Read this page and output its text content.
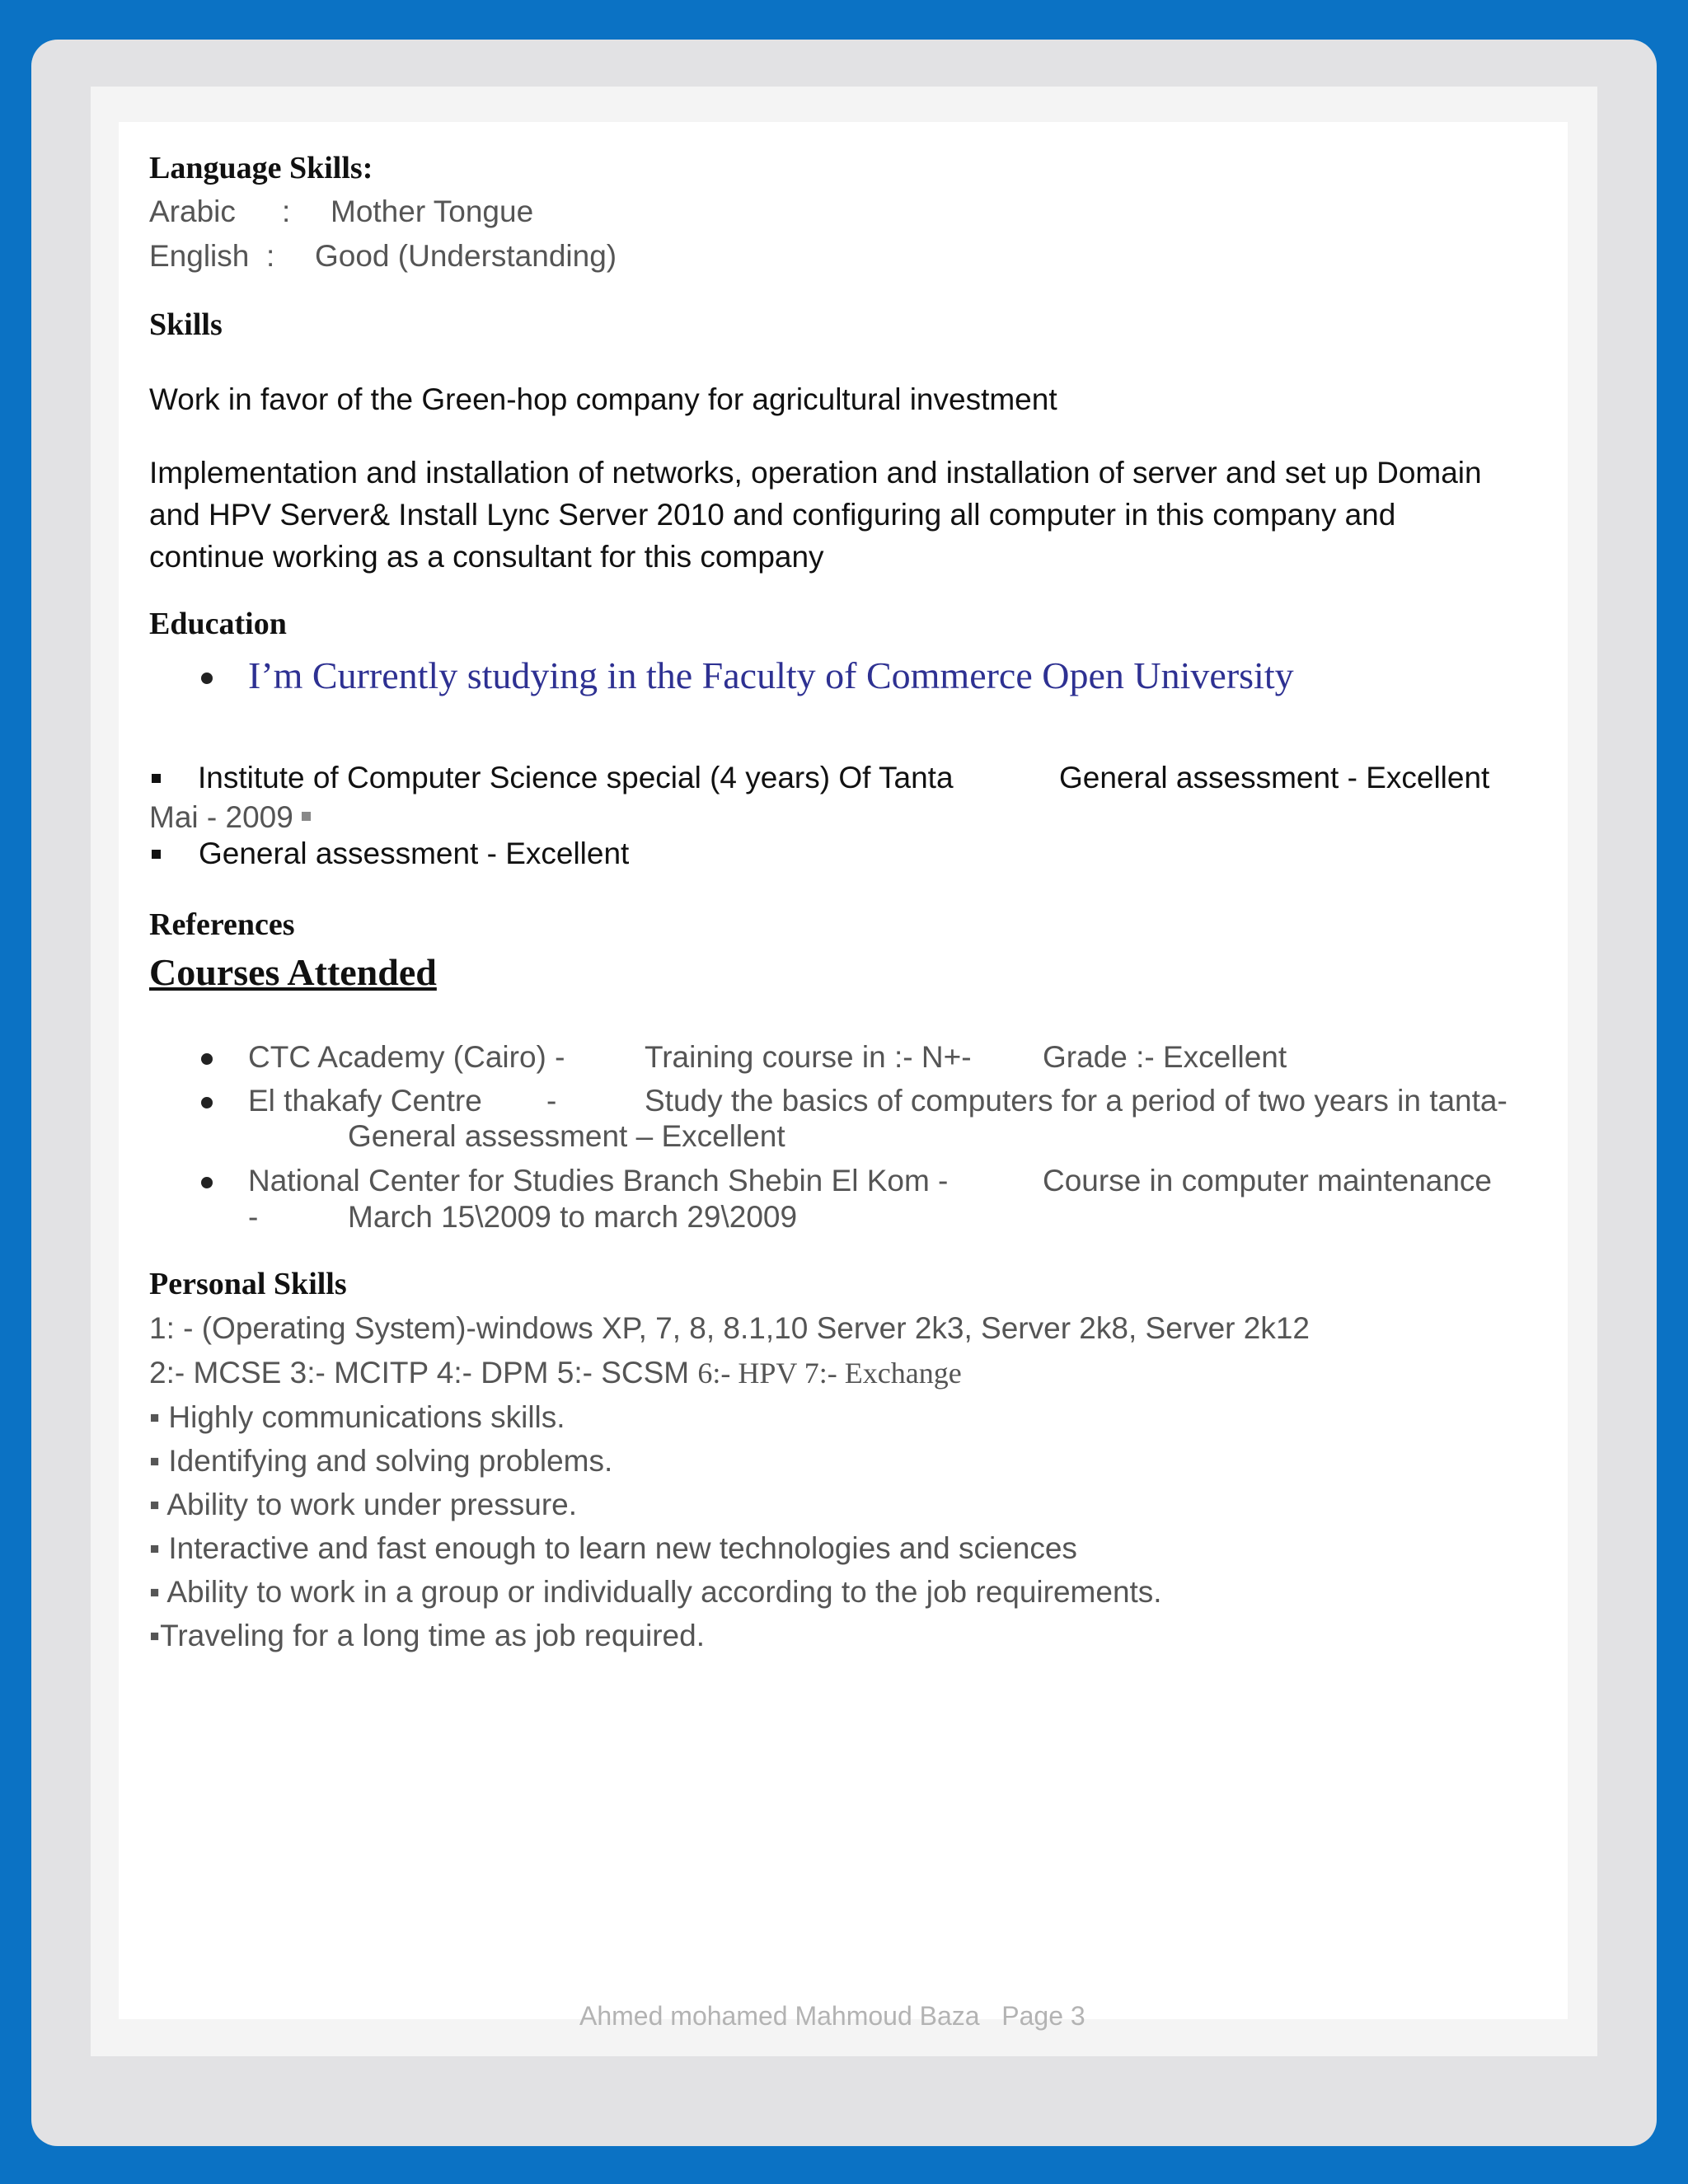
Language Skills:
Arabic : Mother Tongue
English : Good (Understanding)
Skills
Work in favor of the Green-hop company for agricultural investment
Implementation and installation of networks, operation and installation of server and set up Domain and HPV Server& Install Lync Server 2010 and configuring all computer in this company and continue working as a consultant for this company
Education
I’m Currently studying in the Faculty of Commerce Open University
Institute of Computer Science special (4 years) Of Tanta	General assessment - Excellent
Mai - 2009
General assessment - Excellent
References
Courses Attended
CTC Academy (Cairo) -	Training course in :- N+- Grade :- Excellent
El thakafy Centre -	Study the basics of computers for a period of two years in tanta-
General assessment – Excellent
National Center for Studies Branch Shebin El Kom -	Course in computer maintenance
-	March 15\2009 to march 29\2009
Personal Skills
1: - (Operating System)-windows XP, 7, 8, 8.1,10 Server 2k3, Server 2k8, Server 2k12
2:- MCSE 3:- MCITP 4:- DPM 5:- SCSM 6:- HPV 7:- Exchange
▪ Highly communications skills.
▪ Identifying and solving problems.
▪ Ability to work under pressure.
▪ Interactive and fast enough to learn new technologies and sciences
▪ Ability to work in a group or individually according to the job requirements.
▪Traveling for a long time as job required.
Ahmed mohamed Mahmoud Baza Page 3
